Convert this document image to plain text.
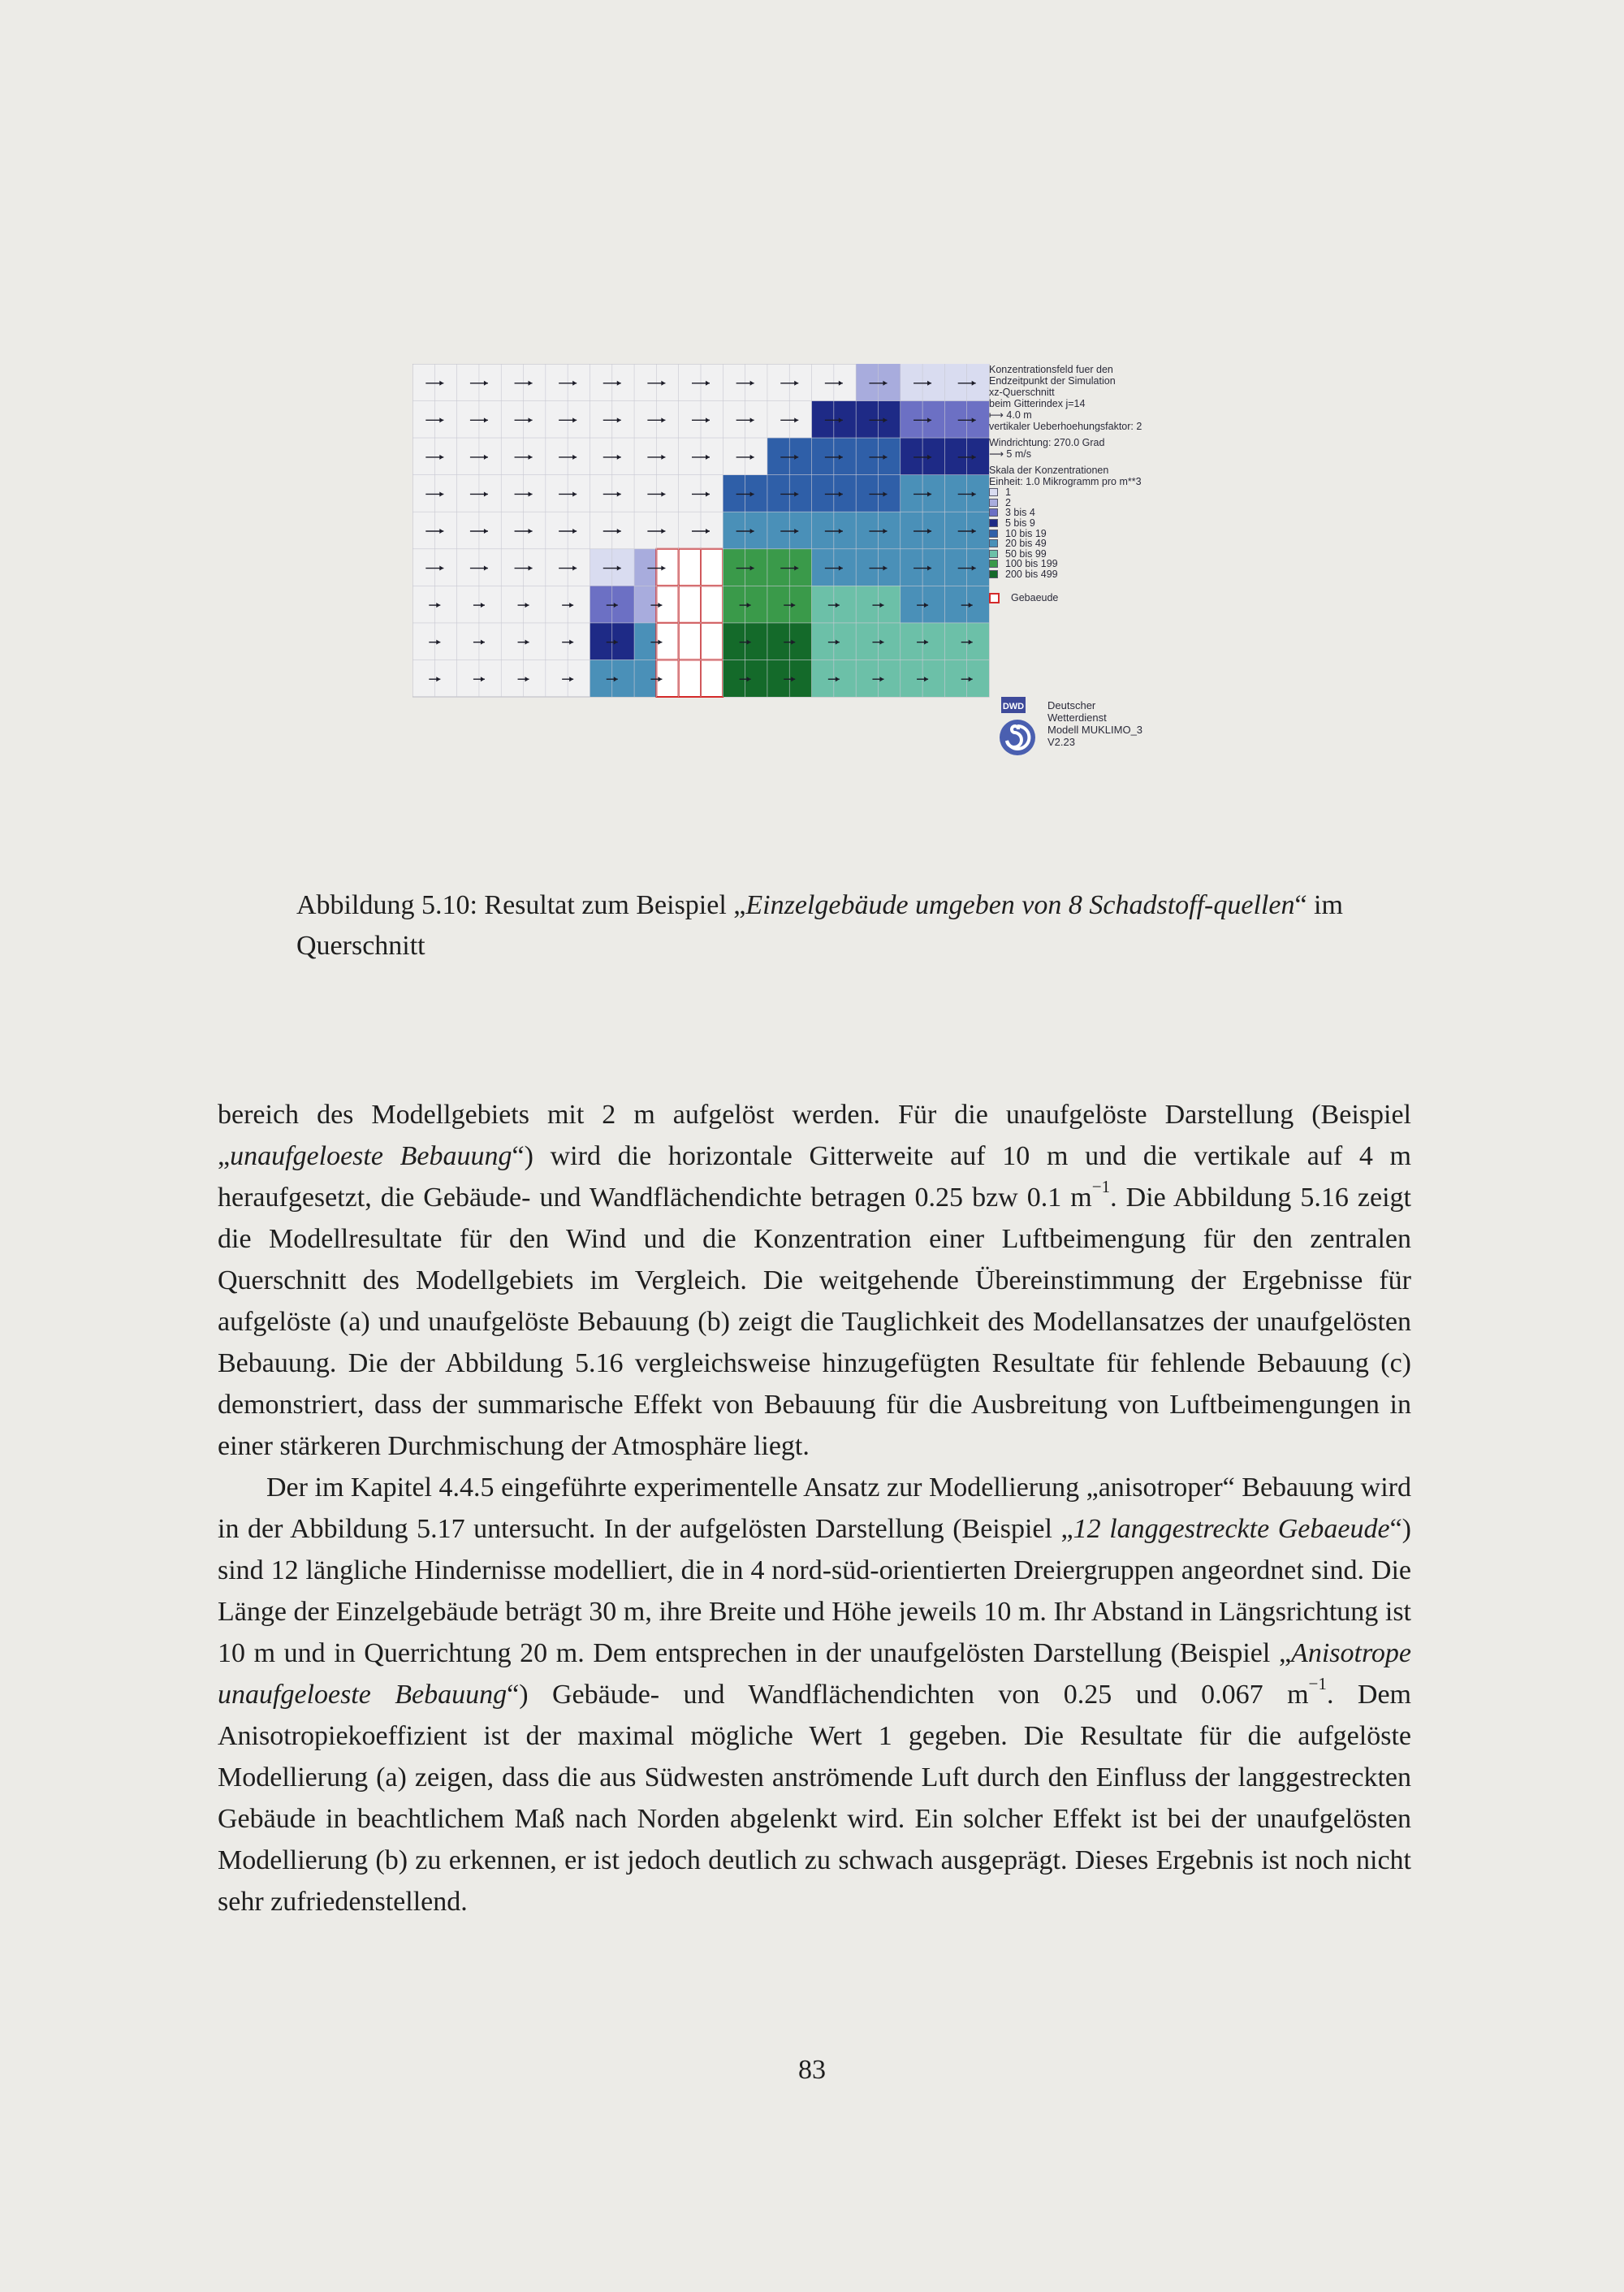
Konzentrationsfeld fuer den
Endzeitpunkt der Simulation
xz-Querschnitt
beim Gitterindex j=14
⟼ 4.0 m
vertikaler Ueberhoehungsfaktor: 2
Windrichtung: 270.0 Grad
⟶ 5 m/s
Skala der Konzentrationen
Einheit: 1.0 Mikrogramm pro m**3
1
2
3 bis 4
5 bis 9
10 bis 19
20 bis 49
50 bis 99
100 bis 199
200 bis 499
Gebaeude
DWD Deutscher
Wetterdienst
Modell MUKLIMO_3
V2.23
Abbildung 5.10: Resultat zum Beispiel „Einzelgebäude umgeben von 8 Schadstoff-quellen“ im Querschnitt

bereich des Modellgebiets mit 2 m aufgelöst werden. Für die unaufgelöste Darstellung (Beispiel „unaufgeloeste Bebauung“) wird die horizontale Gitterweite auf 10 m und die vertikale auf 4 m heraufgesetzt, die Gebäude- und Wandflächendichte betragen 0.25 bzw 0.1 $m^{-1}$. Die Abbildung 5.16 zeigt die Modellresultate für den Wind und die Konzentration einer Luftbeimengung für den zentralen Querschnitt des Modellgebiets im Vergleich. Die weitgehende Übereinstimmung der Ergebnisse für aufgelöste (a) und unaufgelöste Bebauung (b) zeigt die Tauglichkeit des Modellansatzes der unaufgelösten Bebauung. Die der Abbildung 5.16 vergleichsweise hinzugefügten Resultate für fehlende Bebauung (c) demonstriert, dass der summarische Effekt von Bebauung für die Ausbreitung von Luftbeimengungen in einer stärkeren Durchmischung der Atmosphäre liegt.

Der im Kapitel 4.4.5 eingeführte experimentelle Ansatz zur Modellierung „anisotroper“ Bebauung wird in der Abbildung 5.17 untersucht. In der aufgelösten Darstellung (Beispiel „12 langgestreckte Gebaeude“) sind 12 längliche Hindernisse modelliert, die in 4 nord-süd-orientierten Dreiergruppen angeordnet sind. Die Länge der Einzelgebäude beträgt 30 m, ihre Breite und Höhe jeweils 10 m. Ihr Abstand in Längsrichtung ist 10 m und in Querrichtung 20 m. Dem entsprechen in der unaufgelösten Darstellung (Beispiel „Anisotrope unaufgeloeste Bebauung“) Gebäude- und Wandflächendichten von 0.25 und 0.067 $m^{-1}$. Dem Anisotropiekoeffizient ist der maximal mögliche Wert 1 gegeben. Die Resultate für die aufgelöste Modellierung (a) zeigen, dass die aus Südwesten anströmende Luft durch den Einfluss der langgestreckten Gebäude in beachtlichem Maß nach Norden abgelenkt wird. Ein solcher Effekt ist bei der unaufgelösten Modellierung (b) zu erkennen, er ist jedoch deutlich zu schwach ausgeprägt. Dieses Ergebnis ist noch nicht sehr zufriedenstellend.

83
